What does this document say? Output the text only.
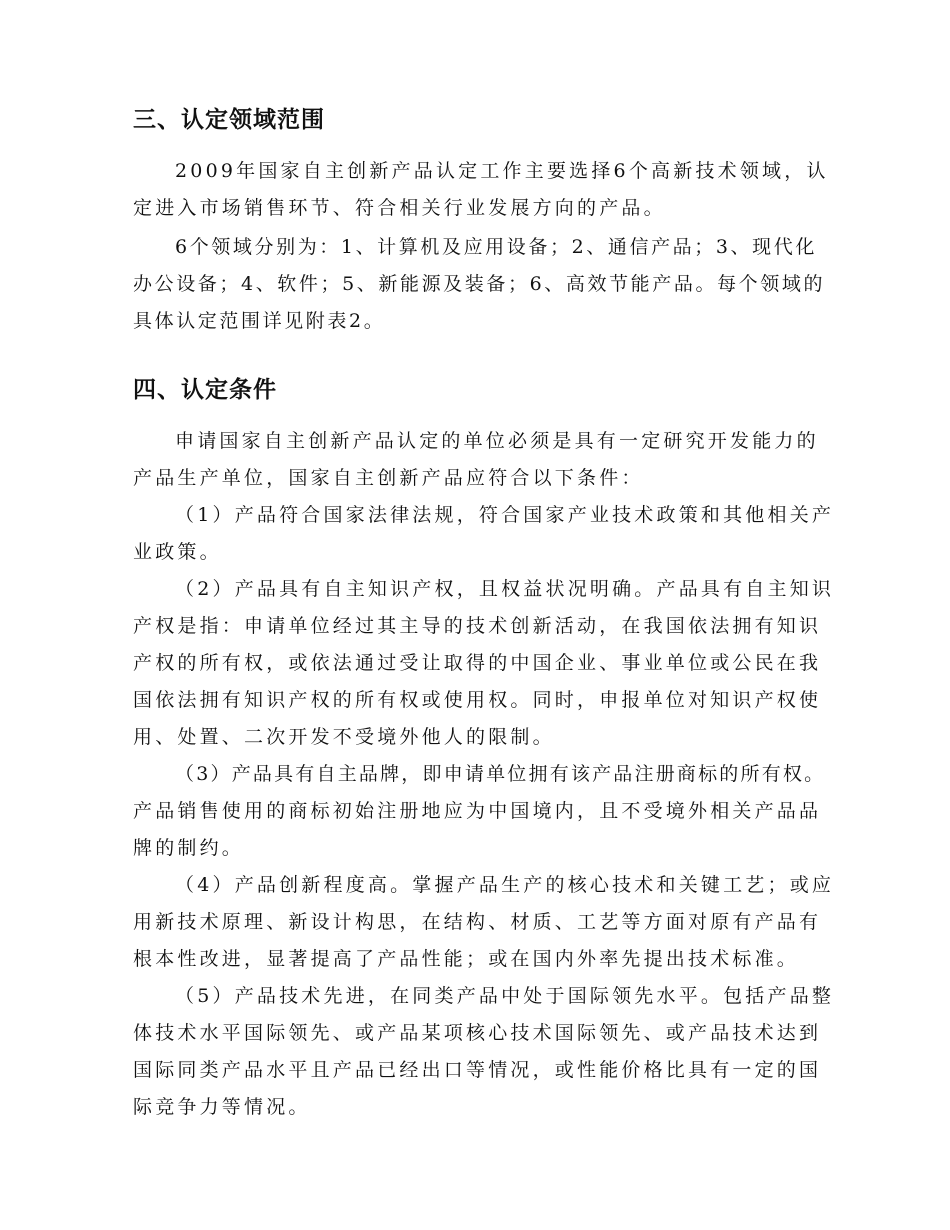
三、认定领域范围
2009年国家自主创新产品认定工作主要选择6个高新技术领域，认
定进入市场销售环节、符合相关行业发展方向的产品。
6个领域分别为：1、计算机及应用设备；2、通信产品；3、现代化
办公设备；4、软件；5、新能源及装备；6、高效节能产品。每个领域的
具体认定范围详见附表2。
四、认定条件
申请国家自主创新产品认定的单位必须是具有一定研究开发能力的
产品生产单位，国家自主创新产品应符合以下条件：
（1）产品符合国家法律法规，符合国家产业技术政策和其他相关产
业政策。
（2）产品具有自主知识产权，且权益状况明确。产品具有自主知识
产权是指：申请单位经过其主导的技术创新活动，在我国依法拥有知识
产权的所有权，或依法通过受让取得的中国企业、事业单位或公民在我
国依法拥有知识产权的所有权或使用权。同时，申报单位对知识产权使
用、处置、二次开发不受境外他人的限制。
（3）产品具有自主品牌，即申请单位拥有该产品注册商标的所有权。
产品销售使用的商标初始注册地应为中国境内，且不受境外相关产品品
牌的制约。
（4）产品创新程度高。掌握产品生产的核心技术和关键工艺；或应
用新技术原理、新设计构思，在结构、材质、工艺等方面对原有产品有
根本性改进，显著提高了产品性能；或在国内外率先提出技术标准。
（5）产品技术先进，在同类产品中处于国际领先水平。包括产品整
体技术水平国际领先、或产品某项核心技术国际领先、或产品技术达到
国际同类产品水平且产品已经出口等情况，或性能价格比具有一定的国
际竞争力等情况。
